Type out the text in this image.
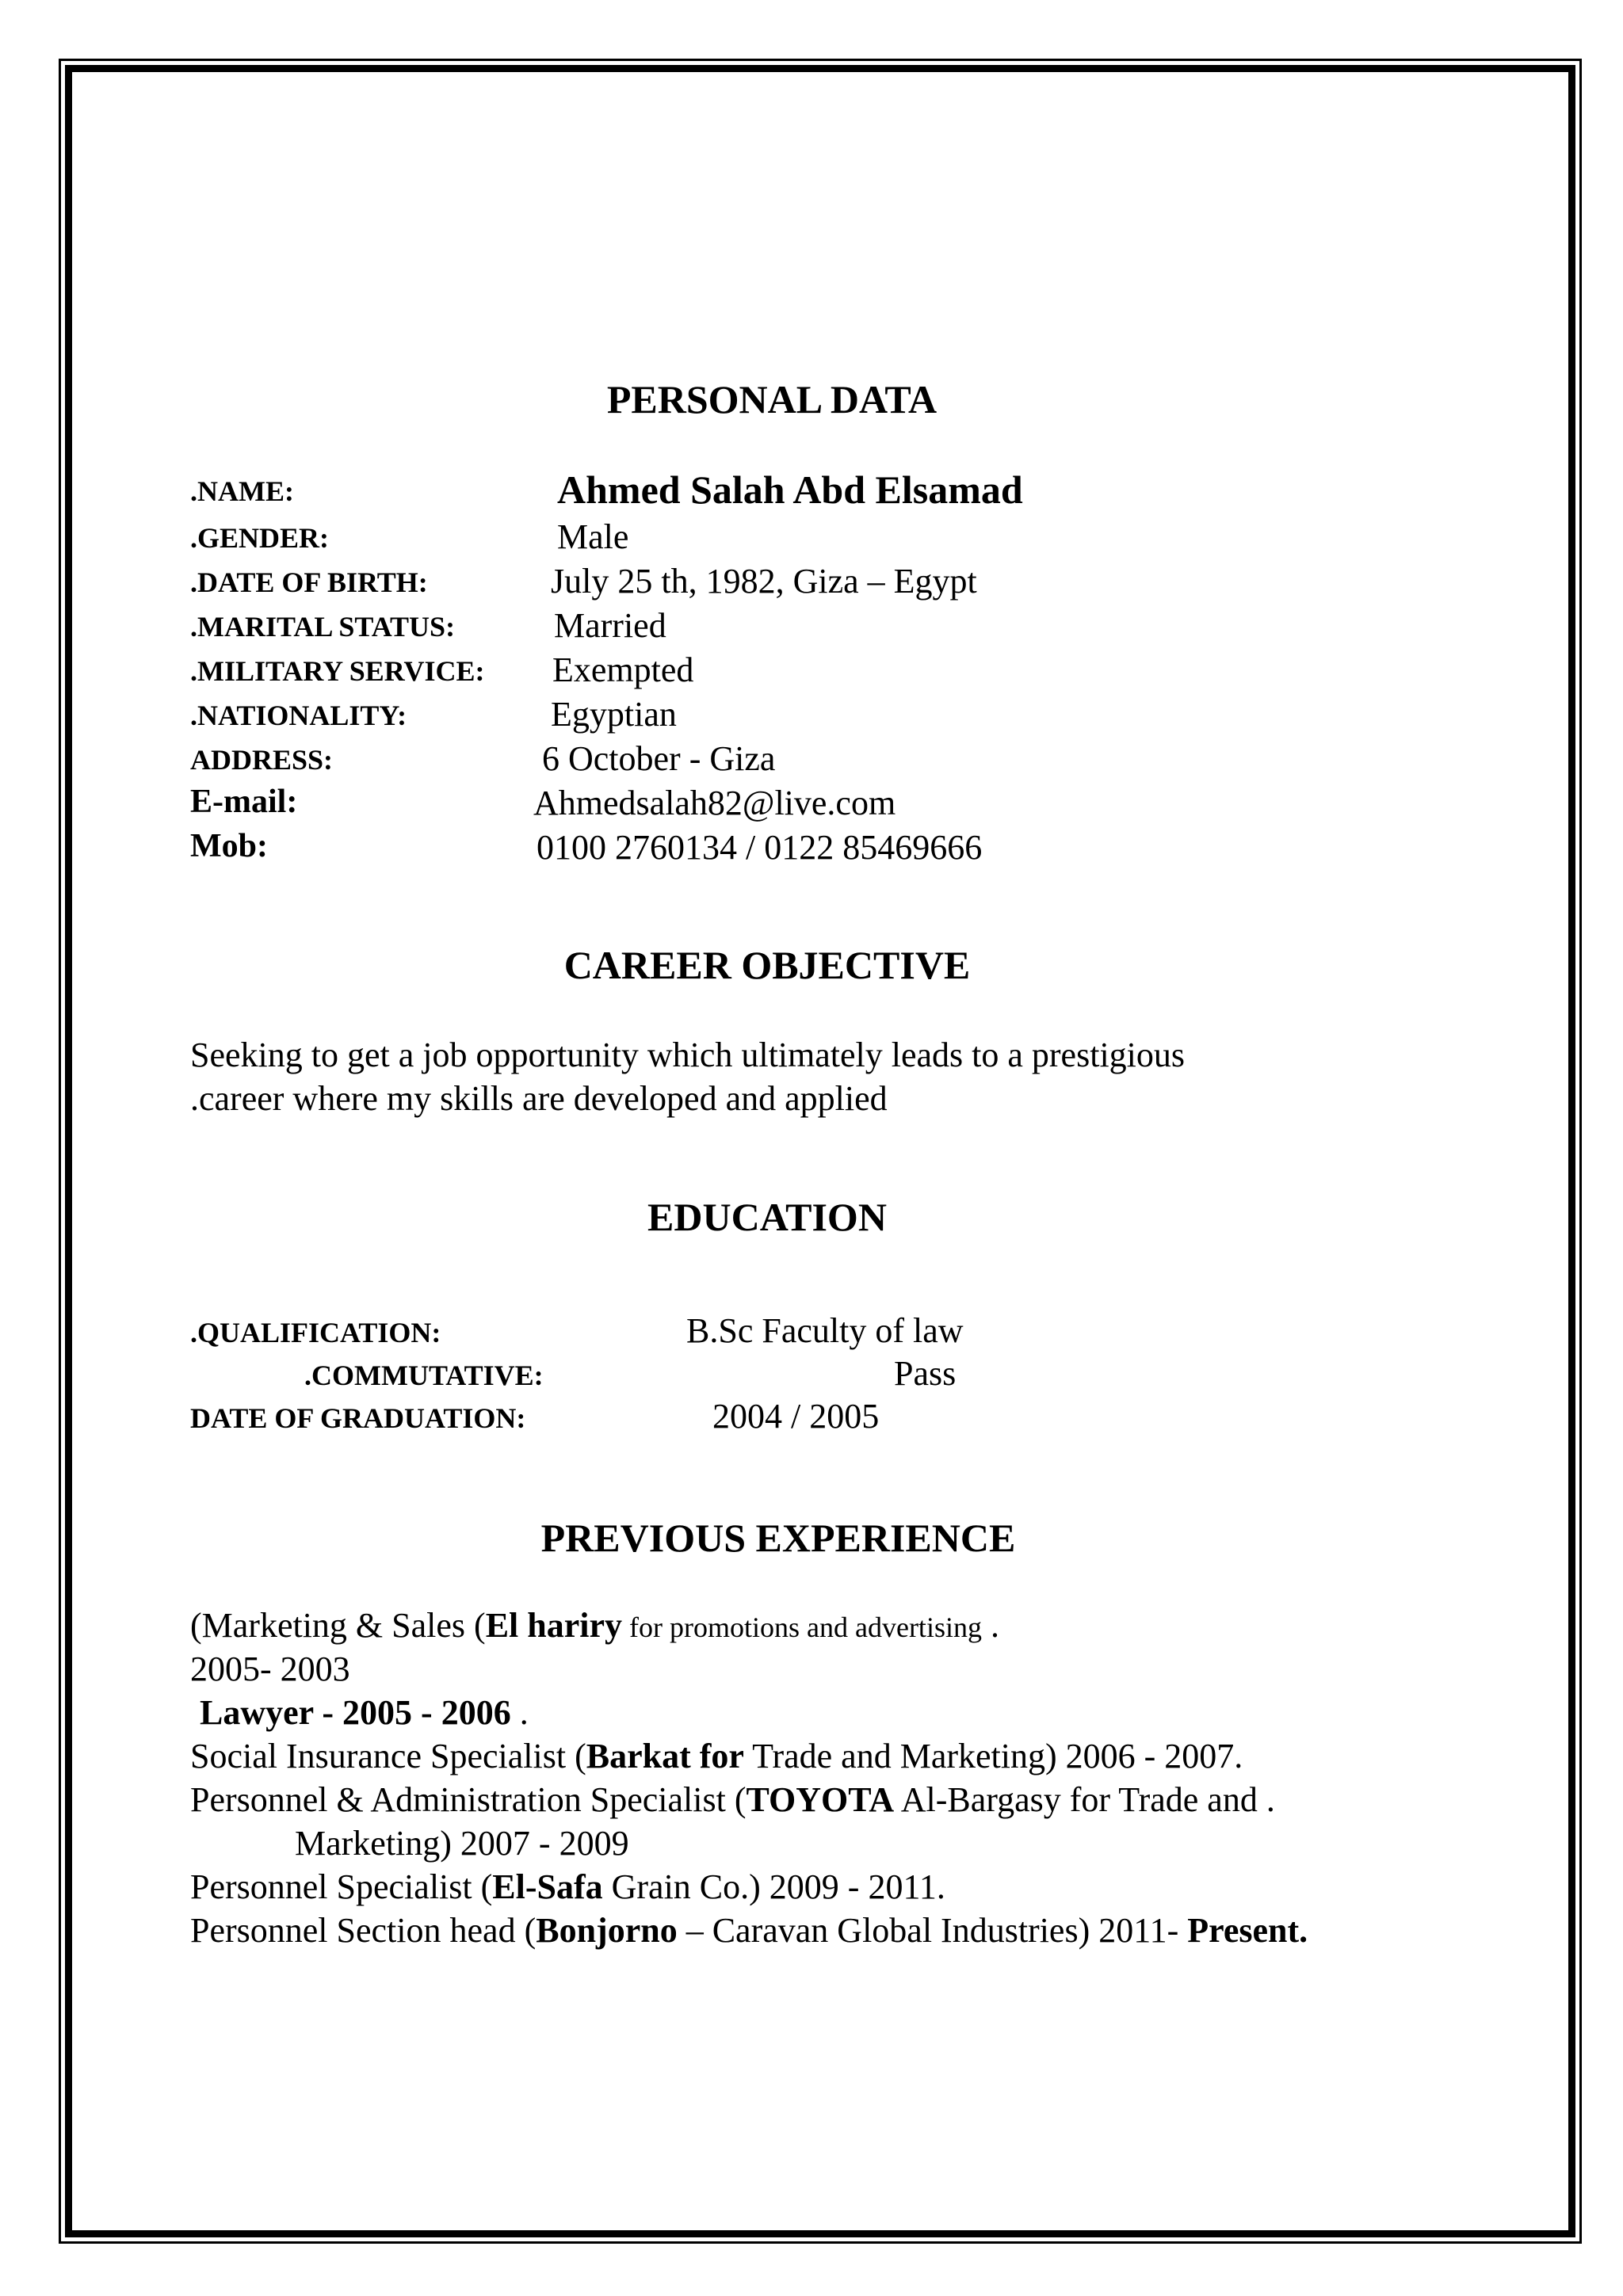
PERSONAL DATA
.NAME:	Ahmed Salah Abd Elsamad
.GENDER:	Male
.DATE OF BIRTH:	July 25 th, 1982, Giza – Egypt
.MARITAL STATUS:	Married
.MILITARY SERVICE: Exempted
.NATIONALITY:	Egyptian
ADDRESS:	6 October - Giza
E-mail:	Ahmedsalah82@live.com
Mob:	0100 2760134 / 0122 85469666
CAREER OBJECTIVE
Seeking to get a job opportunity which ultimately leads to a prestigious
.career where my skills are developed and applied
EDUCATION
.QUALIFICATION:	B.Sc Faculty of law
.COMMUTATIVE:	Pass
DATE OF GRADUATION:	2004 / 2005
PREVIOUS EXPERIENCE
(Marketing & Sales (El hariry for promotions and advertising .
2005- 2003
Lawyer - 2005 - 2006 .
Social Insurance Specialist (Barkat for Trade and Marketing) 2006 - 2007.
Personnel & Administration Specialist (TOYOTA Al-Bargasy for Trade and .
Marketing) 2007 - 2009
Personnel Specialist (El-Safa Grain Co.) 2009 - 2011.
Personnel Section head (Bonjorno – Caravan Global Industries) 2011- Present.
